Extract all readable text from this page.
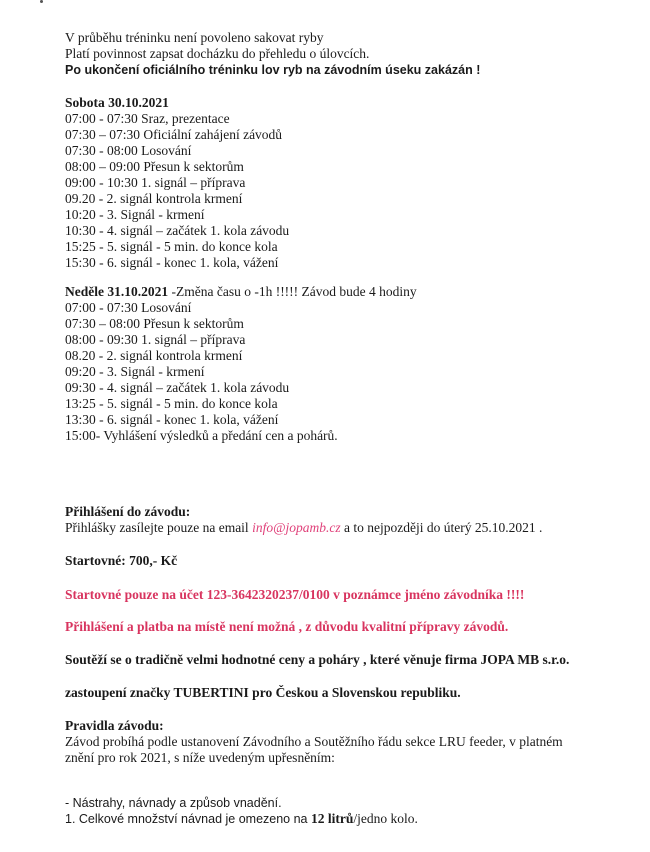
V průběhu tréninku není povoleno sakovat ryby
Platí povinnost zapsat docházku do přehledu o úlovcích.
Po ukončení oficiálního tréninku lov ryb na závodním úseku zakázán !
Sobota 30.10.2021
07:00 - 07:30 Sraz, prezentace
07:30 – 07:30 Oficiální zahájení závodů
07:30 - 08:00 Losování
08:00 – 09:00 Přesun k sektorům
09:00 - 10:30 1. signál – příprava
09.20 - 2. signál kontrola krmení
10:20 - 3. Signál - krmení
10:30 - 4. signál – začátek 1. kola závodu
15:25 - 5. signál - 5 min. do konce kola
15:30 - 6. signál - konec 1. kola, vážení
Neděle 31.10.2021 -Změna času o -1h !!!!! Závod bude 4 hodiny
07:00 - 07:30 Losování
07:30 – 08:00 Přesun k sektorům
08:00 - 09:30 1. signál – příprava
08.20 - 2. signál kontrola krmení
09:20 - 3. Signál - krmení
09:30 - 4. signál – začátek 1. kola závodu
13:25 - 5. signál - 5 min. do konce kola
13:30 - 6. signál - konec 1. kola, vážení
15:00- Vyhlášení výsledků a předání cen a pohárů.
Přihlášení do závodu:
Přihlášky zasílejte pouze na email info@jopamb.cz a to nejpozději do úterý 25.10.2021 .
Startovné: 700,- Kč
Startovné pouze na účet 123-3642320237/0100 v poznámce jméno závodníka !!!!
Přihlášení a platba na místě není možná , z důvodu kvalitní přípravy závodů.
Soutěží se o tradičně velmi hodnotné ceny a poháry , které věnuje firma JOPA MB s.r.o.
zastoupení značky TUBERTINI pro Českou a Slovenskou republiku.
Pravidla závodu:
Závod probíhá podle ustanovení Závodního a Soutěžního řádu sekce LRU feeder, v platném
znění pro rok 2021, s níže uvedeným upřesněním:
- Nástrahy, návnady a způsob vnadění.
1. Celkové množství návnad je omezeno na 12 litrů/jedno kolo.
